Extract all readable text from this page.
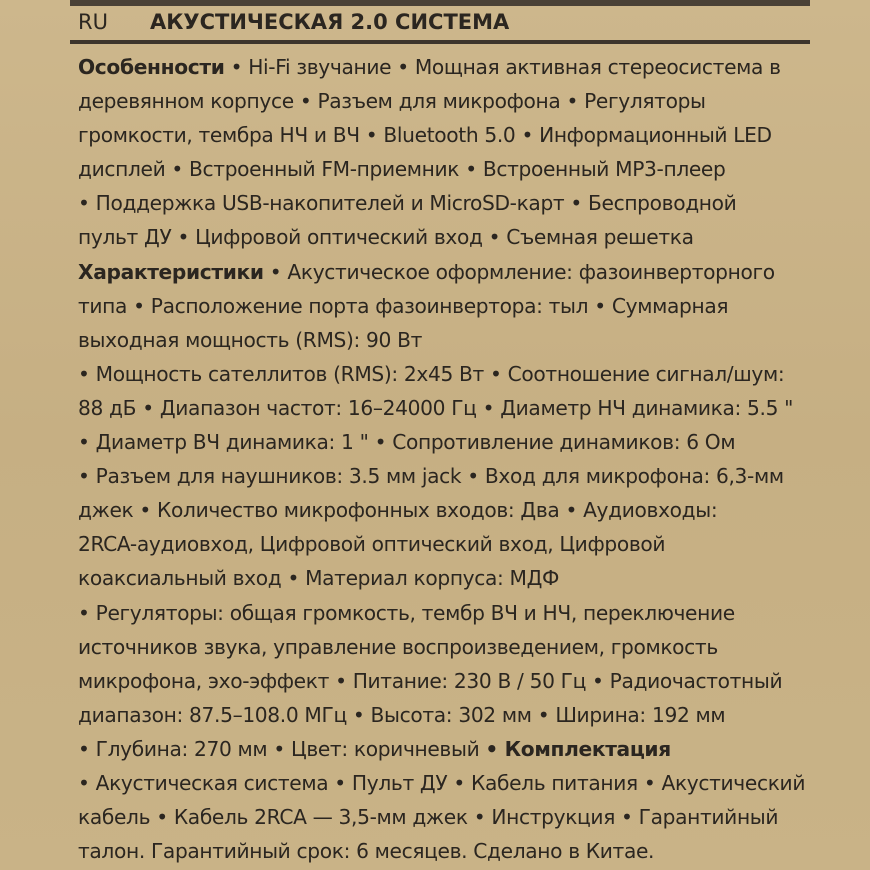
RU АКУСТИЧЕСКАЯ 2.0 СИСТЕМА
Особенности • Hi-Fi звучание • Мощная активная стереосистема в
деревянном корпусе • Разъем для микрофона • Регуляторы
громкости, тембра НЧ и ВЧ • Bluetooth 5.0 • Информационный LED
дисплей • Встроенный FM-приемник • Встроенный MP3-плеер
• Поддержка USB-накопителей и MicroSD-карт • Беспроводной
пульт ДУ • Цифровой оптический вход • Съемная решетка
Характеристики • Акустическое оформление: фазоинверторного
типа • Расположение порта фазоинвертора: тыл • Суммарная
выходная мощность (RMS): 90 Вт
• Мощность сателлитов (RMS): 2x45 Вт • Соотношение сигнал/шум:
88 дБ • Диапазон частот: 16–24000 Гц • Диаметр НЧ динамика: 5.5 "
• Диаметр ВЧ динамика: 1 " • Сопротивление динамиков: 6 Ом
• Разъем для наушников: 3.5 мм jack • Вход для микрофона: 6,3-мм
джек • Количество микрофонных входов: Два • Аудиовходы:
2RCA-аудиовход, Цифровой оптический вход, Цифровой
коаксиальный вход • Материал корпуса: МДФ
• Регуляторы: общая громкость, тембр ВЧ и НЧ, переключение
источников звука, управление воспроизведением, громкость
микрофона, эхо-эффект • Питание: 230 В / 50 Гц • Радиочастотный
диапазон: 87.5–108.0 МГц • Высота: 302 мм • Ширина: 192 мм
• Глубина: 270 мм • Цвет: коричневый • Комплектация
• Акустическая система • Пульт ДУ • Кабель питания • Акустический
кабель • Кабель 2RCA — 3,5-мм джек • Инструкция • Гарантийный
талон. Гарантийный срок: 6 месяцев. Сделано в Китае.
